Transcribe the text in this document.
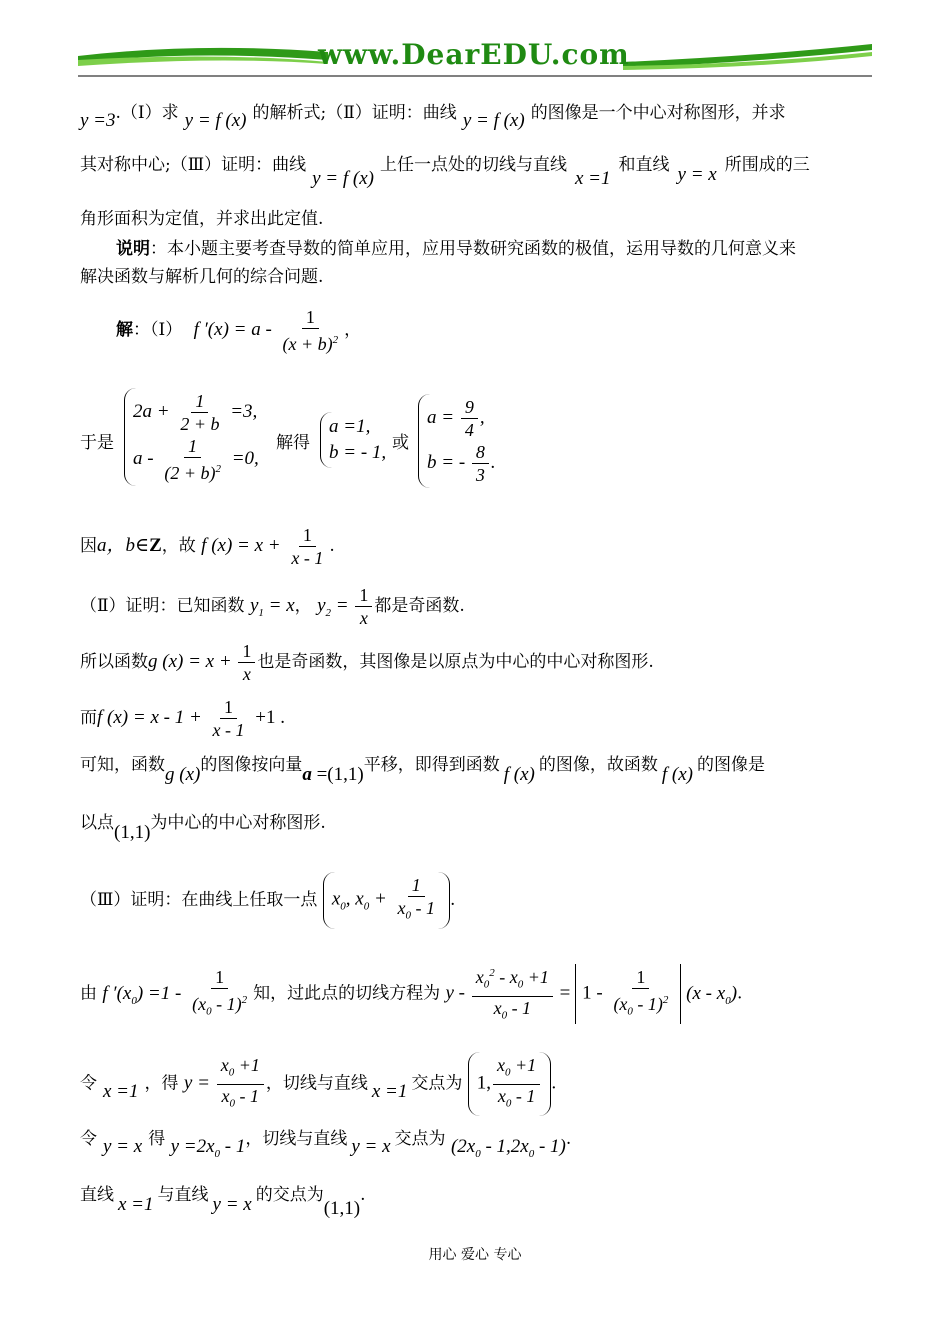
www.DearEDU.com
y =3.（Ⅰ）求 y = f (x) 的解析式;（Ⅱ）证明：曲线 y = f (x) 的图像是一个中心对称图形，并求
其对称中心;（Ⅲ）证明：曲线y = f (x)上任一点处的切线与直线x =1和直线 y = x 所围成的三
角形面积为定值，并求出此定值.
说明：本小题主要考查导数的简单应用，应用导数研究函数的极值，运用导数的几何意义来
解决函数与解析几何的综合问题.
解：（Ⅰ） f $'(x) = a - \frac{1}{(x + b)^2}$ ，
于是
$2a + \frac{1}{2 + b} =3$,
$a - \frac{1}{(2 + b)^2} =0$,
解得
a =1,
b = - 1, 或
$a = \frac{9}{4}$ ,
b = - $\frac{8}{3}$ .
因a，b∈Z，故 f $(x) = x + \frac{1}{x - 1}$ .
（Ⅱ）证明：已知函数 $y_1 = x$， $y_2 = \frac{1}{x}$ 都是奇函数.
所以函数g $(x) = x + \frac{1}{x}$ 也是奇函数，其图像是以原点为中心的中心对称图形.
而f $(x) = x - 1 + \frac{1}{x - 1} +1$ .
可知，函数g (x)的图像按向量a =(1,1)平移，即得到函数 f (x) 的图像，故函数 f (x) 的图像是
以点(1,1)为中心的中心对称图形.
（Ⅲ）证明：在曲线上任取一点 $x_0$, $x_0 + \frac{1}{x_0 - 1}$ .
由 f $'(x_0) =1 - \frac{1}{(x_0 - 1)^2}$ 知，过此点的切线方程为 $y - \frac{x_0^2 - x_0 +1}{x_0 - 1} = 1 - \frac{1}{(x_0 - 1)^2} (x - x_0)$.
令 x =1 ，得 $y = \frac{x_0 +1}{x_0 - 1}$ ，切线与直线 x =1 交点为 1, $\frac{x_0 +1}{x_0 - 1}$ .
令 y = x 得 $y =2x_0 - 1$，切线与直线 y = x 交点为 $(2x_0 - 1,2x_0 - 1)$.
直线 x =1 与直线 y = x 的交点为(1,1).
用心 爱心 专心
